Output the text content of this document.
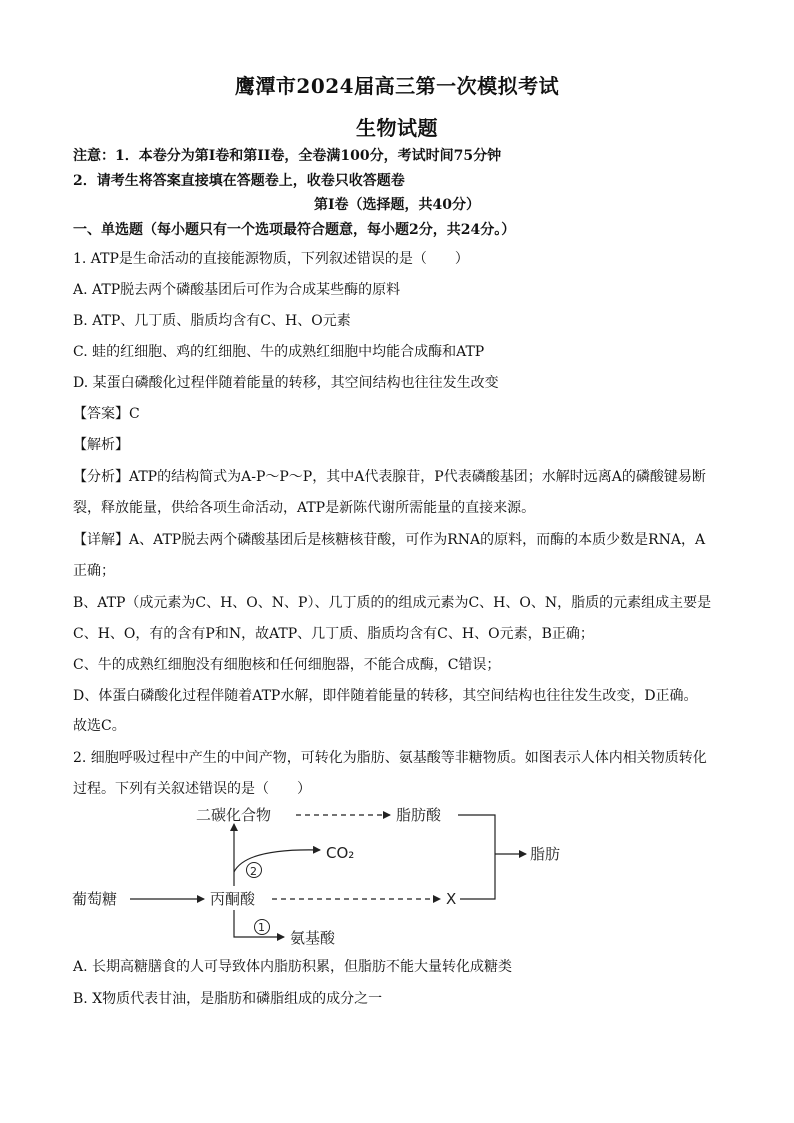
鹰潭市2024届高三第一次模拟考试
生物试题
注意：1．本卷分为第I卷和第II卷，全卷满100分，考试时间75分钟
2．请考生将答案直接填在答题卷上，收卷只收答题卷
第I卷（选择题，共40分）
一、单选题（每小题只有一个选项最符合题意，每小题2分，共24分。）
1. ATP是生命活动的直接能源物质，下列叙述错误的是（　　）
A. ATP脱去两个磷酸基团后可作为合成某些酶的原料
B. ATP、几丁质、脂质均含有C、H、O元素
C. 蛙的红细胞、鸡的红细胞、牛的成熟红细胞中均能合成酶和ATP
D. 某蛋白磷酸化过程伴随着能量的转移，其空间结构也往往发生改变
【答案】C
【解析】
【分析】ATP的结构简式为A-P～P～P，其中A代表腺苷，P代表磷酸基团；水解时远离A的磷酸键易断
裂，释放能量，供给各项生命活动，ATP是新陈代谢所需能量的直接来源。
【详解】A、ATP脱去两个磷酸基团后是核糖核苷酸，可作为RNA的原料，而酶的本质少数是RNA，A
正确；
B、ATP（成元素为C、H、O、N、P）、几丁质的的组成元素为C、H、O、N，脂质的元素组成主要是
C、H、O，有的含有P和N，故ATP、几丁质、脂质均含有C、H、O元素，B正确；
C、牛的成熟红细胞没有细胞核和任何细胞器，不能合成酶，C错误；
D、体蛋白磷酸化过程伴随着ATP水解，即伴随着能量的转移，其空间结构也往往发生改变，D正确。
故选C。
2. 细胞呼吸过程中产生的中间产物，可转化为脂肪、氨基酸等非糖物质。如图表示人体内相关物质转化
过程。下列有关叙述错误的是（　　）
二碳化合物	脂肪酸
CO₂	脂肪
葡萄糖	丙酮酸	X
氨基酸
2
1
A. 长期高糖膳食的人可导致体内脂肪积累，但脂肪不能大量转化成糖类
B. X物质代表甘油，是脂肪和磷脂组成的成分之一
